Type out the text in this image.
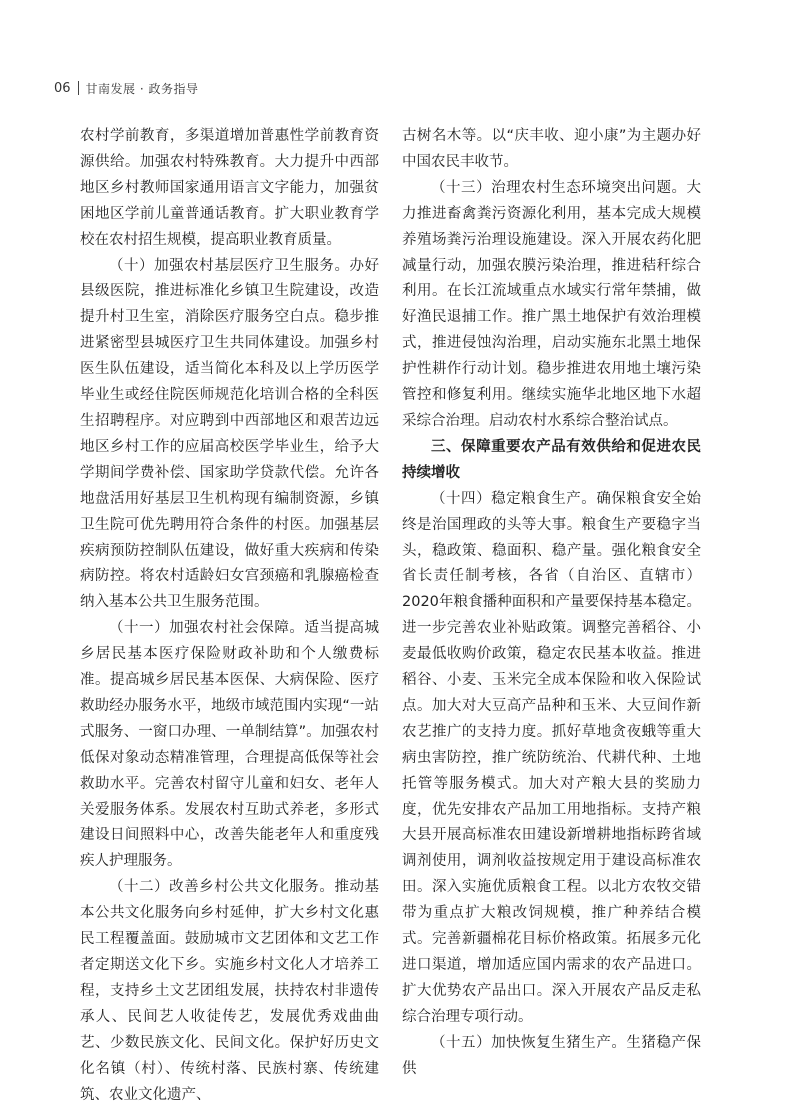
06 甘南发展 · 政务指导

农村学前教育，多渠道增加普惠性学前教育资源供给。加强农村特殊教育。大力提升中西部地区乡村教师国家通用语言文字能力，加强贫困地区学前儿童普通话教育。扩大职业教育学校在农村招生规模，提高职业教育质量。

（十）加强农村基层医疗卫生服务。办好县级医院，推进标准化乡镇卫生院建设，改造提升村卫生室，消除医疗服务空白点。稳步推进紧密型县城医疗卫生共同体建设。加强乡村医生队伍建设，适当简化本科及以上学历医学毕业生或经住院医师规范化培训合格的全科医生招聘程序。对应聘到中西部地区和艰苦边远地区乡村工作的应届高校医学毕业生，给予大学期间学费补偿、国家助学贷款代偿。允许各地盘活用好基层卫生机构现有编制资源，乡镇卫生院可优先聘用符合条件的村医。加强基层疾病预防控制队伍建设，做好重大疾病和传染病防控。将农村适龄妇女宫颈癌和乳腺癌检查纳入基本公共卫生服务范围。

（十一）加强农村社会保障。适当提高城乡居民基本医疗保险财政补助和个人缴费标准。提高城乡居民基本医保、大病保险、医疗救助经办服务水平，地级市域范围内实现“一站式服务、一窗口办理、一单制结算”。加强农村低保对象动态精准管理，合理提高低保等社会救助水平。完善农村留守儿童和妇女、老年人关爱服务体系。发展农村互助式养老，多形式建设日间照料中心，改善失能老年人和重度残疾人护理服务。

（十二）改善乡村公共文化服务。推动基本公共文化服务向乡村延伸，扩大乡村文化惠民工程覆盖面。鼓励城市文艺团体和文艺工作者定期送文化下乡。实施乡村文化人才培养工程，支持乡土文艺团组发展，扶持农村非遗传承人、民间艺人收徒传艺，发展优秀戏曲曲艺、少数民族文化、民间文化。保护好历史文化名镇（村）、传统村落、民族村寨、传统建筑、农业文化遗产、

古树名木等。以“庆丰收、迎小康”为主题办好中国农民丰收节。

（十三）治理农村生态环境突出问题。大力推进畜禽粪污资源化利用，基本完成大规模养殖场粪污治理设施建设。深入开展农药化肥减量行动，加强农膜污染治理，推进秸秆综合利用。在长江流域重点水域实行常年禁捕，做好渔民退捕工作。推广黑土地保护有效治理模式，推进侵蚀沟治理，启动实施东北黑土地保护性耕作行动计划。稳步推进农用地土壤污染管控和修复利用。继续实施华北地区地下水超采综合治理。启动农村水系综合整治试点。

三、保障重要农产品有效供给和促进农民持续增收

（十四）稳定粮食生产。确保粮食安全始终是治国理政的头等大事。粮食生产要稳字当头，稳政策、稳面积、稳产量。强化粮食安全省长责任制考核，各省（自治区、直辖市）2020年粮食播种面积和产量要保持基本稳定。进一步完善农业补贴政策。调整完善稻谷、小麦最低收购价政策，稳定农民基本收益。推进稻谷、小麦、玉米完全成本保险和收入保险试点。加大对大豆高产品种和玉米、大豆间作新农艺推广的支持力度。抓好草地贪夜蛾等重大病虫害防控，推广统防统治、代耕代种、土地托管等服务模式。加大对产粮大县的奖励力度，优先安排农产品加工用地指标。支持产粮大县开展高标准农田建设新增耕地指标跨省域调剂使用，调剂收益按规定用于建设高标准农田。深入实施优质粮食工程。以北方农牧交错带为重点扩大粮改饲规模，推广种养结合模式。完善新疆棉花目标价格政策。拓展多元化进口渠道，增加适应国内需求的农产品进口。扩大优势农产品出口。深入开展农产品反走私综合治理专项行动。

（十五）加快恢复生猪生产。生猪稳产保供
